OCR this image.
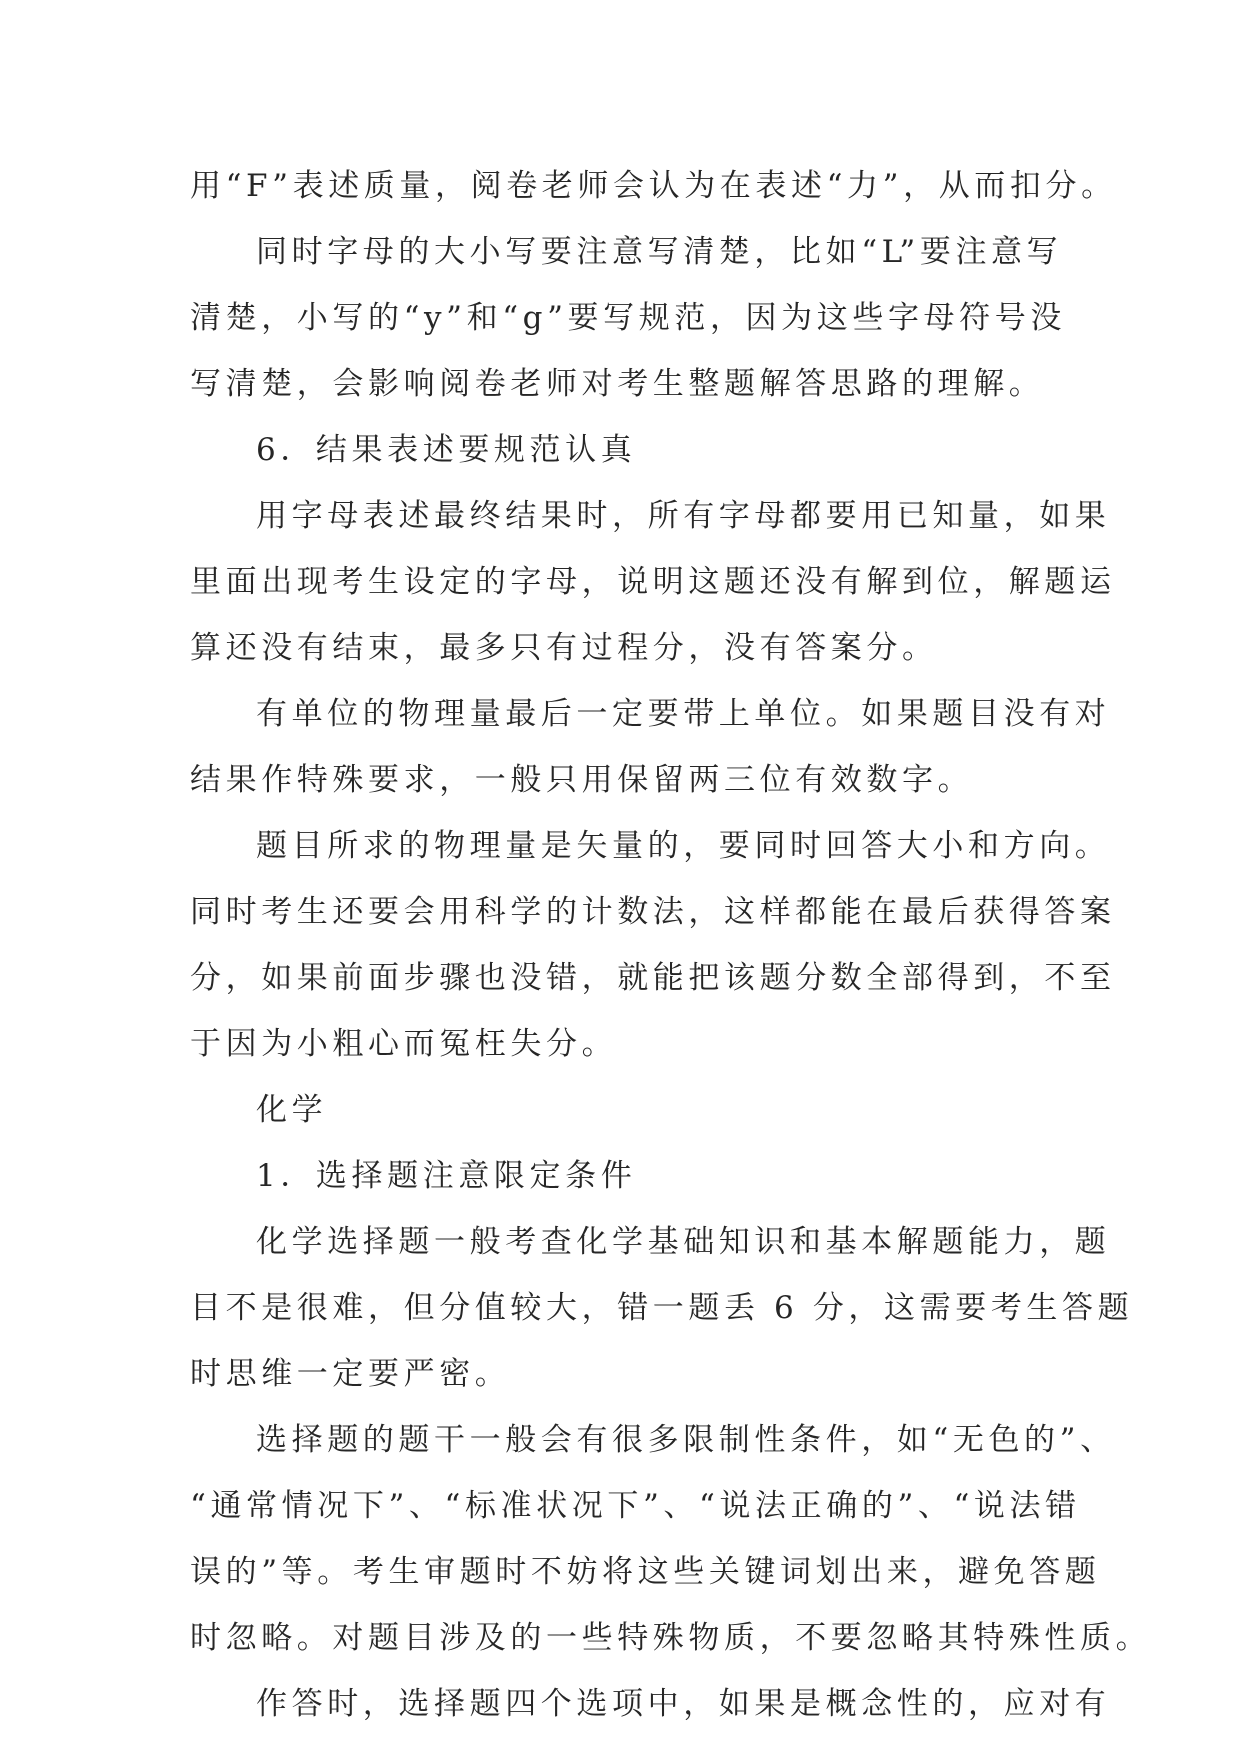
用“F”表述质量，阅卷老师会认为在表述“力”，从而扣分。
同时字母的大小写要注意写清楚，比如“L”要注意写
清楚，小写的“y”和“g”要写规范，因为这些字母符号没
写清楚，会影响阅卷老师对考生整题解答思路的理解。
6．结果表述要规范认真
用字母表述最终结果时，所有字母都要用已知量，如果
里面出现考生设定的字母，说明这题还没有解到位，解题运
算还没有结束，最多只有过程分，没有答案分。
有单位的物理量最后一定要带上单位。如果题目没有对
结果作特殊要求，一般只用保留两三位有效数字。
题目所求的物理量是矢量的，要同时回答大小和方向。
同时考生还要会用科学的计数法，这样都能在最后获得答案
分，如果前面步骤也没错，就能把该题分数全部得到，不至
于因为小粗心而冤枉失分。
化学
1．选择题注意限定条件
化学选择题一般考查化学基础知识和基本解题能力，题
目不是很难，但分值较大，错一题丢 6 分，这需要考生答题
时思维一定要严密。
选择题的题干一般会有很多限制性条件，如“无色的”、
“通常情况下”、“标准状况下”、“说法正确的”、“说法错
误的”等。考生审题时不妨将这些关键词划出来，避免答题
时忽略。对题目涉及的一些特殊物质，不要忽略其特殊性质。
作答时，选择题四个选项中，如果是概念性的，应对有
